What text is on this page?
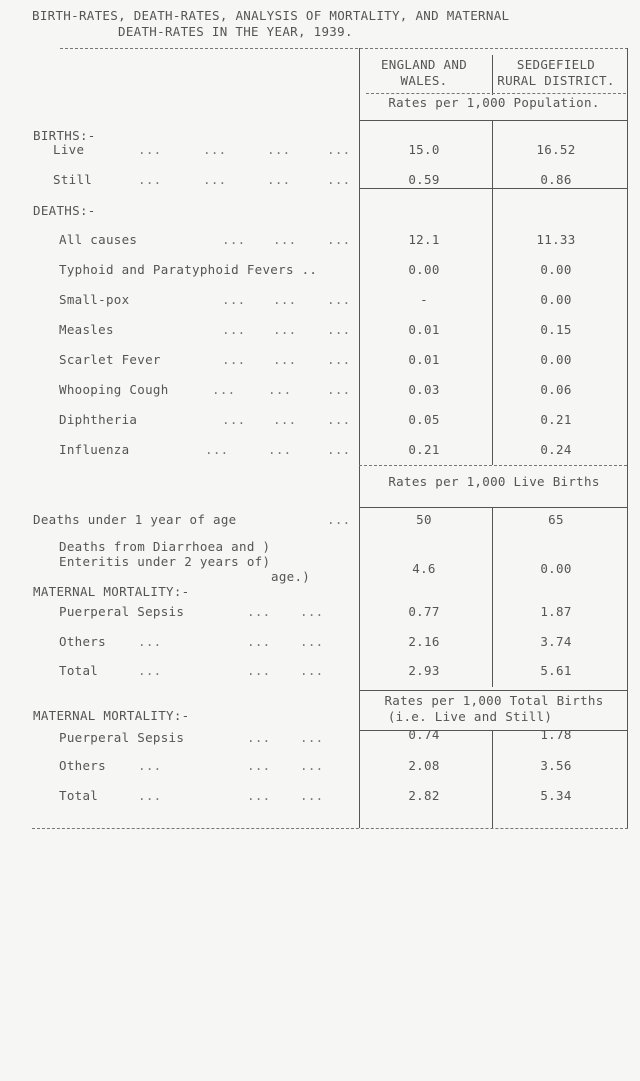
BIRTH-RATES, DEATH-RATES, ANALYSIS OF MORTALITY, AND MATERNAL
DEATH-RATES IN THE YEAR, 1939.
ENGLAND AND
WALES.
SEDGEFIELD
RURAL DISTRICT.
Rates per 1,000 Population.
BIRTHS:-
Live	...	...	...	...	15.0	16.52
Still	...	...	...	...	0.59	0.86
DEATHS:-
All causes	... ... ...	12.1	11.33
Typhoid and Paratyphoid Fevers ..	0.00	0.00
Small-pox	... ... ...	-	0.00
Measles	... ... ...	0.01	0.15
Scarlet Fever	... ... ...	0.01	0.00
Whooping Cough	...	...	...	0.03	0.06
Diphtheria	... ... ...	0.05	0.21
Influenza	...	...	...	0.21	0.24
Rates per 1,000 Live Births
Deaths under 1 year of age	...	50	65
Deaths from Diarrhoea and )
Enteritis under 2 years of)
age.)
4.6	0.00
MATERNAL MORTALITY:-
Puerperal Sepsis	... ...	0.77	1.87
Others	...	... ...	2.16	3.74
Total	...	... ...	2.93	5.61
Rates per 1,000 Total Births
(i.e. Live and Still)
MATERNAL MORTALITY:-
Puerperal Sepsis	... ...	0.74	1.78
Others	...	... ...	2.08	3.56
Total	...	... ...	2.82	5.34
